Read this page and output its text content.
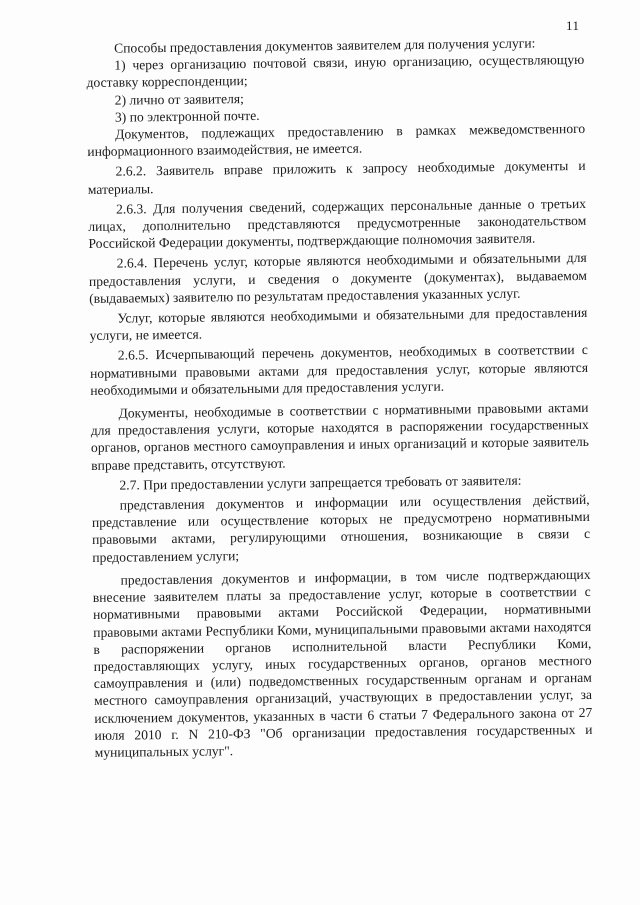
11

Способы предоставления документов заявителем для получения услуги:

1) через организацию почтовой связи, иную организацию, осуществляющую доставку корреспонденции;

2) лично от заявителя;

3) по электронной почте.

Документов, подлежащих предоставлению в рамках межведомственного информационного взаимодействия, не имеется.

2.6.2. Заявитель вправе приложить к запросу необходимые документы и материалы.

2.6.3. Для получения сведений, содержащих персональные данные о третьих лицах, дополнительно представляются предусмотренные законодательством Российской Федерации документы, подтверждающие полномочия заявителя.

2.6.4. Перечень услуг, которые являются необходимыми и обязательными для предоставления услуги, и сведения о документе (документах), выдаваемом (выдаваемых) заявителю по результатам предоставления указанных услуг.

Услуг, которые являются необходимыми и обязательными для предоставления услуги, не имеется.

2.6.5. Исчерпывающий перечень документов, необходимых в соответствии с нормативными правовыми актами для предоставления услуг, которые являются необходимыми и обязательными для предоставления услуги.

Документы, необходимые в соответствии с нормативными правовыми актами для предоставления услуги, которые находятся в распоряжении государственных органов, органов местного самоуправления и иных организаций и которые заявитель вправе представить, отсутствуют.

2.7. При предоставлении услуги запрещается требовать от заявителя:

представления документов и информации или осуществления действий, представление или осуществление которых не предусмотрено нормативными правовыми актами, регулирующими отношения, возникающие в связи с предоставлением услуги;

предоставления документов и информации, в том числе подтверждающих внесение заявителем платы за предоставление услуг, которые в соответствии с нормативными правовыми актами Российской Федерации, нормативными правовыми актами Республики Коми, муниципальными правовыми актами находятся в распоряжении органов исполнительной власти Республики Коми, предоставляющих услугу, иных государственных органов, органов местного самоуправления и (или) подведомственных государственным органам и органам местного самоуправления организаций, участвующих в предоставлении услуг, за исключением документов, указанных в части 6 статьи 7 Федерального закона от 27 июля 2010 г. N 210-ФЗ "Об организации предоставления государственных и муниципальных услуг".
